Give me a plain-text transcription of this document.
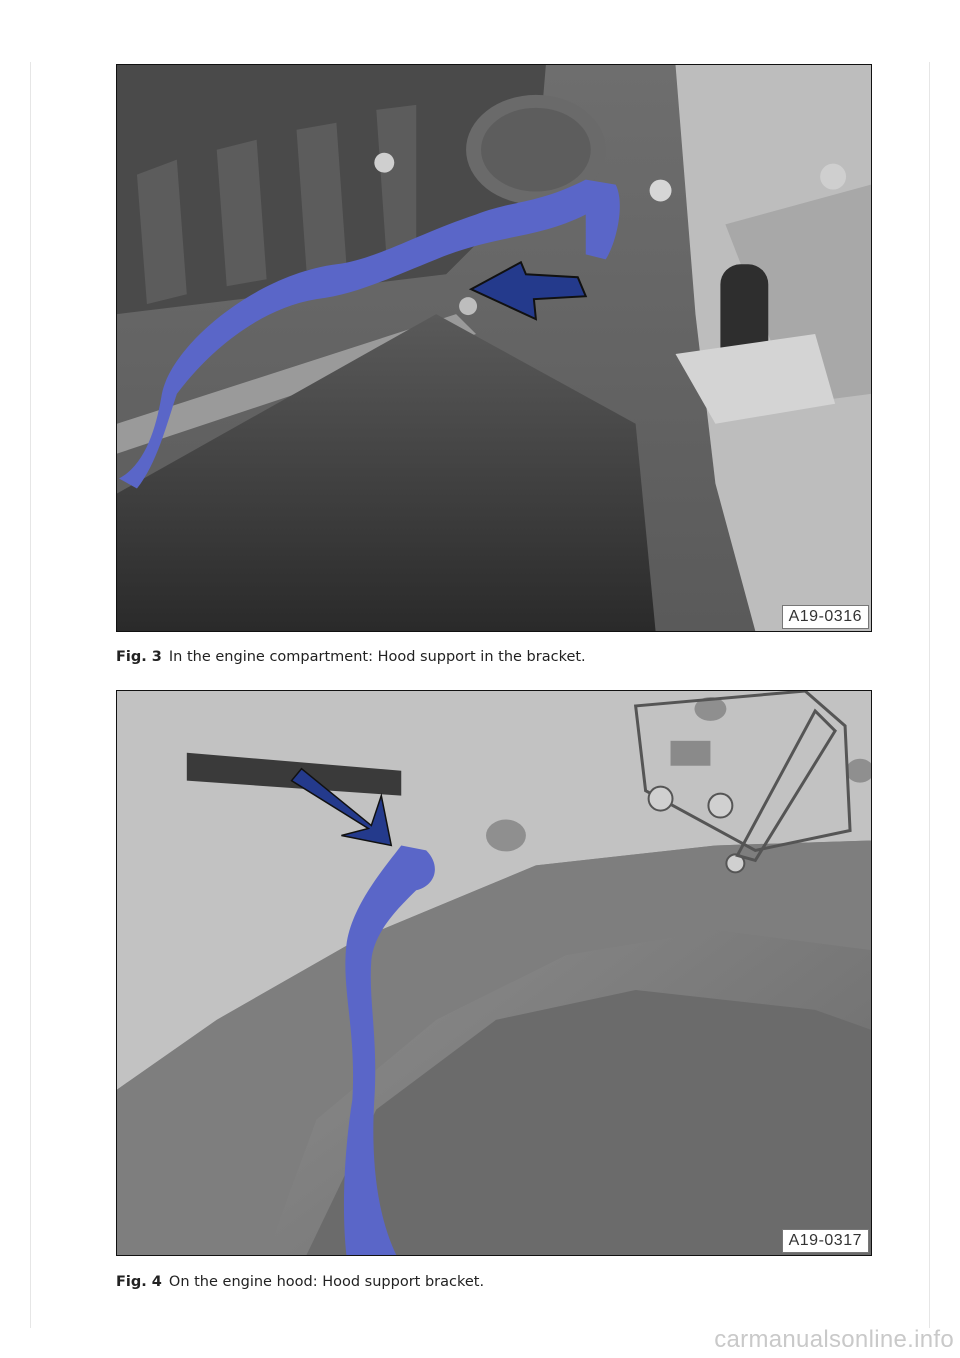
A19-0316
Fig. 3 In the engine compartment: Hood support in the bracket.
A19-0317
Fig. 4 On the engine hood: Hood support bracket.
carmanualsonline.info
